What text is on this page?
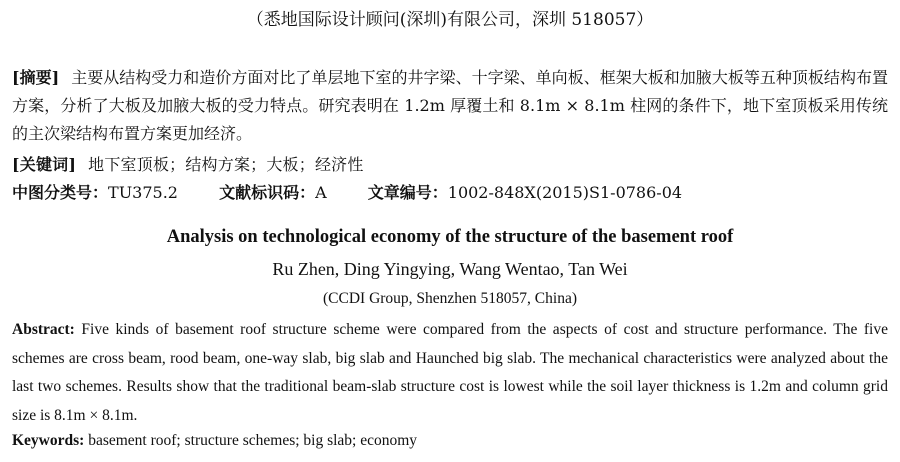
（悉地国际设计顾问(深圳)有限公司，深圳 518057）
[摘要] 主要从结构受力和造价方面对比了单层地下室的井字梁、十字梁、单向板、框架大板和加腋大板等五种顶板结构布置方案，分析了大板及加腋大板的受力特点。研究表明在 1.2m 厚覆土和 8.1m × 8.1m 柱网的条件下，地下室顶板采用传统的主次梁结构布置方案更加经济。
[关键词] 地下室顶板；结构方案；大板；经济性
中图分类号：TU375.2	文献标识码：A	文章编号：1002-848X(2015)S1-0786-04
Analysis on technological economy of the structure of the basement roof
Ru Zhen, Ding Yingying, Wang Wentao, Tan Wei
(CCDI Group, Shenzhen 518057, China)
Abstract: Five kinds of basement roof structure scheme were compared from the aspects of cost and structure performance. The five schemes are cross beam, rood beam, one-way slab, big slab and Haunched big slab. The mechanical characteristics were analyzed about the last two schemes. Results show that the traditional beam-slab structure cost is lowest while the soil layer thickness is 1.2m and column grid size is 8.1m × 8.1m.
Keywords: basement roof; structure schemes; big slab; economy
